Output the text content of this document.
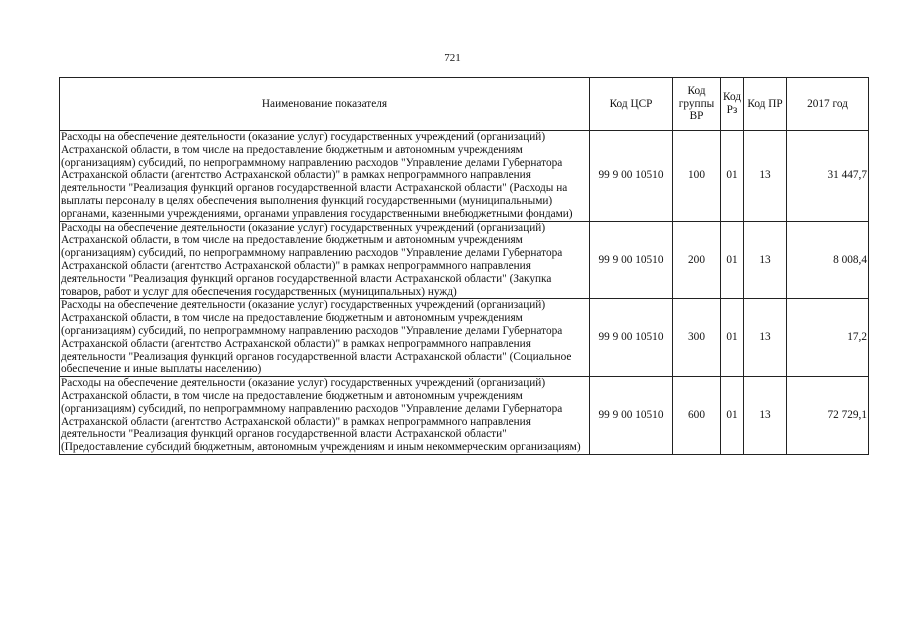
721
Наименование показателя	Код ЦСР	Код группы ВР	Код Рз	Код ПР	2017 год
Расходы на обеспечение деятельности (оказание услуг) государственных учреждений (организаций) Астраханской области, в том числе на предоставление бюджетным и автономным учреждениям (организациям) субсидий, по непрограммному направлению расходов "Управление делами Губернатора Астраханской области (агентство Астраханской области)" в рамках непрограммного направления деятельности "Реализация функций органов государственной власти Астраханской области" (Расходы на выплаты персоналу в целях обеспечения выполнения функций государственными (муниципальными) органами, казенными учреждениями, органами управления государственными внебюджетными фондами)	99 9 00 10510	100	01	13	31 447,7
Расходы на обеспечение деятельности (оказание услуг) государственных учреждений (организаций) Астраханской области, в том числе на предоставление бюджетным и автономным учреждениям (организациям) субсидий, по непрограммному направлению расходов "Управление делами Губернатора Астраханской области (агентство Астраханской области)" в рамках непрограммного направления деятельности "Реализация функций органов государственной власти Астраханской области" (Закупка товаров, работ и услуг для обеспечения государственных (муниципальных) нужд)	99 9 00 10510	200	01	13	8 008,4
Расходы на обеспечение деятельности (оказание услуг) государственных учреждений (организаций) Астраханской области, в том числе на предоставление бюджетным и автономным учреждениям (организациям) субсидий, по непрограммному направлению расходов "Управление делами Губернатора Астраханской области (агентство Астраханской области)" в рамках непрограммного направления деятельности "Реализация функций органов государственной власти Астраханской области" (Социальное обеспечение и иные выплаты населению)	99 9 00 10510	300	01	13	17,2
Расходы на обеспечение деятельности (оказание услуг) государственных учреждений (организаций) Астраханской области, в том числе на предоставление бюджетным и автономным учреждениям (организациям) субсидий, по непрограммному направлению расходов "Управление делами Губернатора Астраханской области (агентство Астраханской области)" в рамках непрограммного направления деятельности "Реализация функций органов государственной власти Астраханской области" (Предоставление субсидий бюджетным, автономным учреждениям и иным некоммерческим организациям)	99 9 00 10510	600	01	13	72 729,1
